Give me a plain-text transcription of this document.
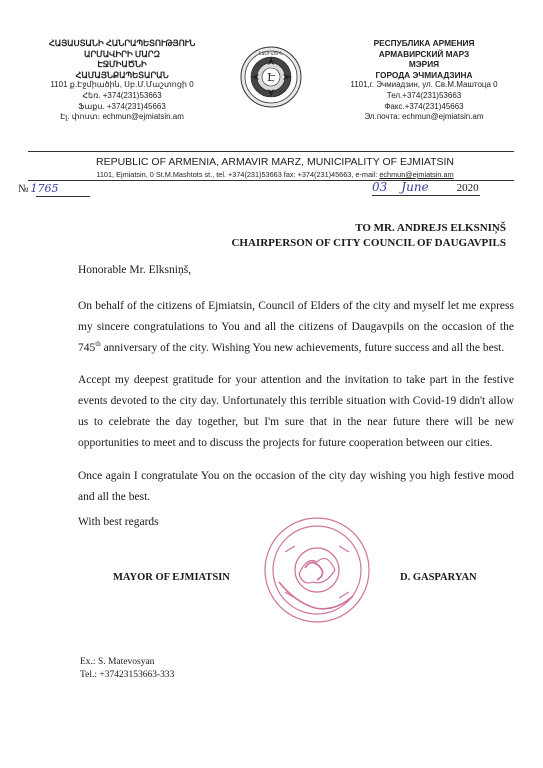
ՀԱՅԱՍՏԱՆԻ ՀԱՆՐԱՊԵՏՈՒԹՅՈՒՆ
ԱՐՄԱՎԻՐԻ ՄԱՐԶ
ԷՋՄԻԱԾՆԻ
ՀԱՄԱՅՆՔԱՊԵՏԱՐԱՆ
1101 ք.Էջմիածին, Սբ.Մ.Մաշտոցի 0
Հեռ. +374(231)53663
Ֆաքս. +374(231)45663
Էլ. փոստ։ echmun@ejmiatsin.am
Է
ԷՋՄԻԱԾԻՆ
РЕСПУБЛИКА АРМЕНИЯ
АРМАВИРСКИЙ МАРЗ
МЭРИЯ
ГОРОДА ЭЧМИАДЗИНА
1101,г. Эчмиадзин, ул. Св.М.Маштоца 0
Тел.+374(231)53663
Факс.+374(231)45663
Эл.почта: echmun@ejmiatsin.am
REPUBLIC OF ARMENIA, ARMAVIR MARZ, MUNICIPALITY OF EJMIATSIN
1101, Ejmiatsin, 0 St.M.Mashtots st., tel. +374(231)53663 fax: +374(231)45663, e-mail: echmun@ejmiatsin.am
№ 1765	03 June	2020
TO MR. ANDREJS ELKSNIŅŠ
CHAIRPERSON OF CITY COUNCIL OF DAUGAVPILS
Honorable Mr. Elksniņš,

On behalf of the citizens of Ejmiatsin, Council of Elders of the city and myself let me express my sincere congratulations to You and all the citizens of Daugavpils on the occasion of the 745th anniversary of the city. Wishing You new achievements, future success and all the best.

Accept my deepest gratitude for your attention and the invitation to take part in the festive events devoted to the city day. Unfortunately this terrible situation with Covid-19 didn't allow us to celebrate the day together, but I'm sure that in the near future there will be new opportunities to meet and to discuss the projects for future cooperation between our cities.

Once again I congratulate You on the occasion of the city day wishing you high festive mood and all the best.

With best regards
MAYOR OF EJMIATSIN	D. GASPARYAN
Ex.: S. Matevosyan
Tel.: +37423153663-333
